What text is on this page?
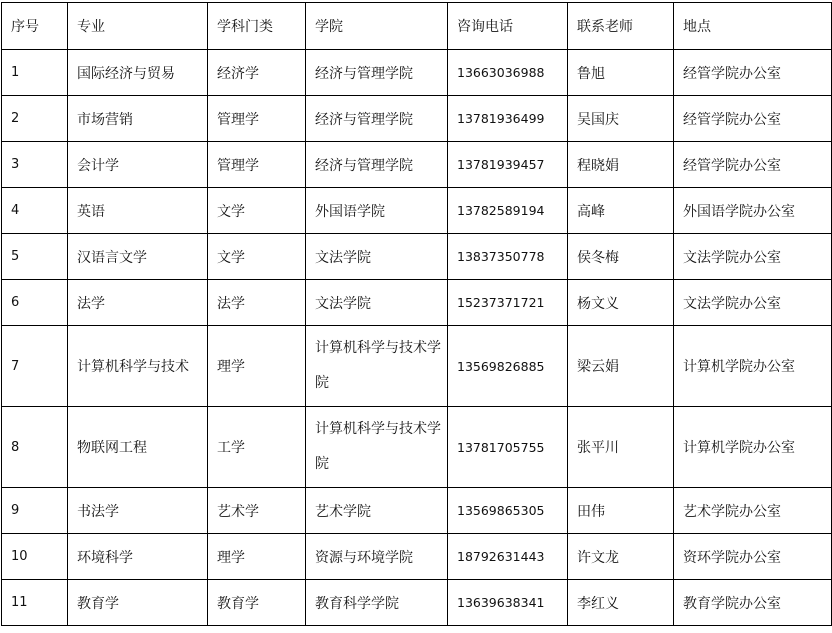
序号	专业	学科门类	学院	咨询电话	联系老师	地点
1	国际经济与贸易	经济学	经济与管理学院	13663036988	鲁旭	经管学院办公室
2	市场营销	管理学	经济与管理学院	13781936499	吴国庆	经管学院办公室
3	会计学	管理学	经济与管理学院	13781939457	程晓娟	经管学院办公室
4	英语	文学	外国语学院	13782589194	高峰	外国语学院办公室
5	汉语言文学	文学	文法学院	13837350778	侯冬梅	文法学院办公室
6	法学	法学	文法学院	15237371721	杨文义	文法学院办公室
7	计算机科学与技术	理学	计算机科学与技术学院	13569826885	梁云娟	计算机学院办公室
8	物联网工程	工学	计算机科学与技术学院	13781705755	张平川	计算机学院办公室
9	书法学	艺术学	艺术学院	13569865305	田伟	艺术学院办公室
10	环境科学	理学	资源与环境学院	18792631443	许文龙	资环学院办公室
11	教育学	教育学	教育科学学院	13639638341	李红义	教育学院办公室
